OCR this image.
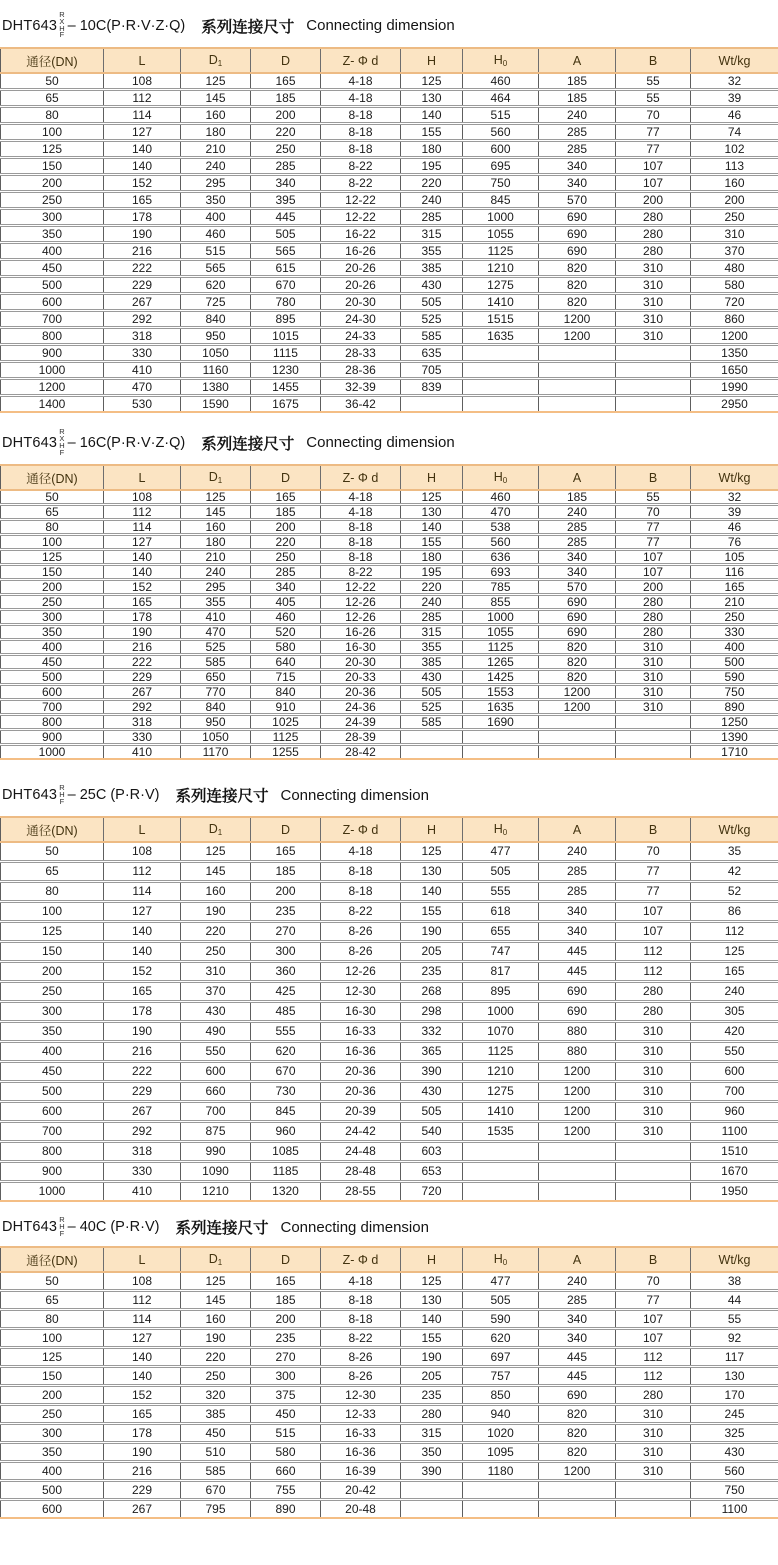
DHT643
R
X
H
F
– 10C(P·R·V·Z·Q) 系列连接尺寸 Connecting dimension
通径(DN)	L	$D_1$	D	Z- Φ d	H	$H_0$	A	B	Wt/kg
50	108	125	165	4-18	125	460	185	55	32
65	112	145	185	4-18	130	464	185	55	39
80	114	160	200	8-18	140	515	240	70	46
100	127	180	220	8-18	155	560	285	77	74
125	140	210	250	8-18	180	600	285	77	102
150	140	240	285	8-22	195	695	340	107	113
200	152	295	340	8-22	220	750	340	107	160
250	165	350	395	12-22	240	845	570	200	200
300	178	400	445	12-22	285	1000	690	280	250
350	190	460	505	16-22	315	1055	690	280	310
400	216	515	565	16-26	355	1125	690	280	370
450	222	565	615	20-26	385	1210	820	310	480
500	229	620	670	20-26	430	1275	820	310	580
600	267	725	780	20-30	505	1410	820	310	720
700	292	840	895	24-30	525	1515	1200	310	860
800	318	950	1015	24-33	585	1635	1200	310	1200
900	330	1050	1115	28-33	635				1350
1000	410	1160	1230	28-36	705				1650
1200	470	1380	1455	32-39	839				1990
1400	530	1590	1675	36-42					2950
DHT643
R
X
H
F
– 16C(P·R·V·Z·Q) 系列连接尺寸 Connecting dimension
通径(DN)	L	$D_1$	D	Z- Φ d	H	$H_0$	A	B	Wt/kg
50	108	125	165	4-18	125	460	185	55	32
65	112	145	185	4-18	130	470	240	70	39
80	114	160	200	8-18	140	538	285	77	46
100	127	180	220	8-18	155	560	285	77	76
125	140	210	250	8-18	180	636	340	107	105
150	140	240	285	8-22	195	693	340	107	116
200	152	295	340	12-22	220	785	570	200	165
250	165	355	405	12-26	240	855	690	280	210
300	178	410	460	12-26	285	1000	690	280	250
350	190	470	520	16-26	315	1055	690	280	330
400	216	525	580	16-30	355	1125	820	310	400
450	222	585	640	20-30	385	1265	820	310	500
500	229	650	715	20-33	430	1425	820	310	590
600	267	770	840	20-36	505	1553	1200	310	750
700	292	840	910	24-36	525	1635	1200	310	890
800	318	950	1025	24-39	585	1690			1250
900	330	1050	1125	28-39					1390
1000	410	1170	1255	28-42					1710
DHT643 R
H
F – 25C (P·R·V) 系列连接尺寸 Connecting dimension
通径(DN)	L	$D_1$	D	Z- Φ d	H	$H_0$	A	B	Wt/kg
50	108	125	165	4-18	125	477	240	70	35
65	112	145	185	8-18	130	505	285	77	42
80	114	160	200	8-18	140	555	285	77	52
100	127	190	235	8-22	155	618	340	107	86
125	140	220	270	8-26	190	655	340	107	112
150	140	250	300	8-26	205	747	445	112	125
200	152	310	360	12-26	235	817	445	112	165
250	165	370	425	12-30	268	895	690	280	240
300	178	430	485	16-30	298	1000	690	280	305
350	190	490	555	16-33	332	1070	880	310	420
400	216	550	620	16-36	365	1125	880	310	550
450	222	600	670	20-36	390	1210	1200	310	600
500	229	660	730	20-36	430	1275	1200	310	700
600	267	700	845	20-39	505	1410	1200	310	960
700	292	875	960	24-42	540	1535	1200	310	1100
800	318	990	1085	24-48	603				1510
900	330	1090	1185	28-48	653				1670
1000	410	1210	1320	28-55	720				1950
DHT643 R
H
F – 40C (P·R·V) 系列连接尺寸 Connecting dimension
通径(DN)	L	$D_1$	D	Z- Φ d	H	$H_0$	A	B	Wt/kg
50	108	125	165	4-18	125	477	240	70	38
65	112	145	185	8-18	130	505	285	77	44
80	114	160	200	8-18	140	590	340	107	55
100	127	190	235	8-22	155	620	340	107	92
125	140	220	270	8-26	190	697	445	112	117
150	140	250	300	8-26	205	757	445	112	130
200	152	320	375	12-30	235	850	690	280	170
250	165	385	450	12-33	280	940	820	310	245
300	178	450	515	16-33	315	1020	820	310	325
350	190	510	580	16-36	350	1095	820	310	430
400	216	585	660	16-39	390	1180	1200	310	560
500	229	670	755	20-42					750
600	267	795	890	20-48					1100
